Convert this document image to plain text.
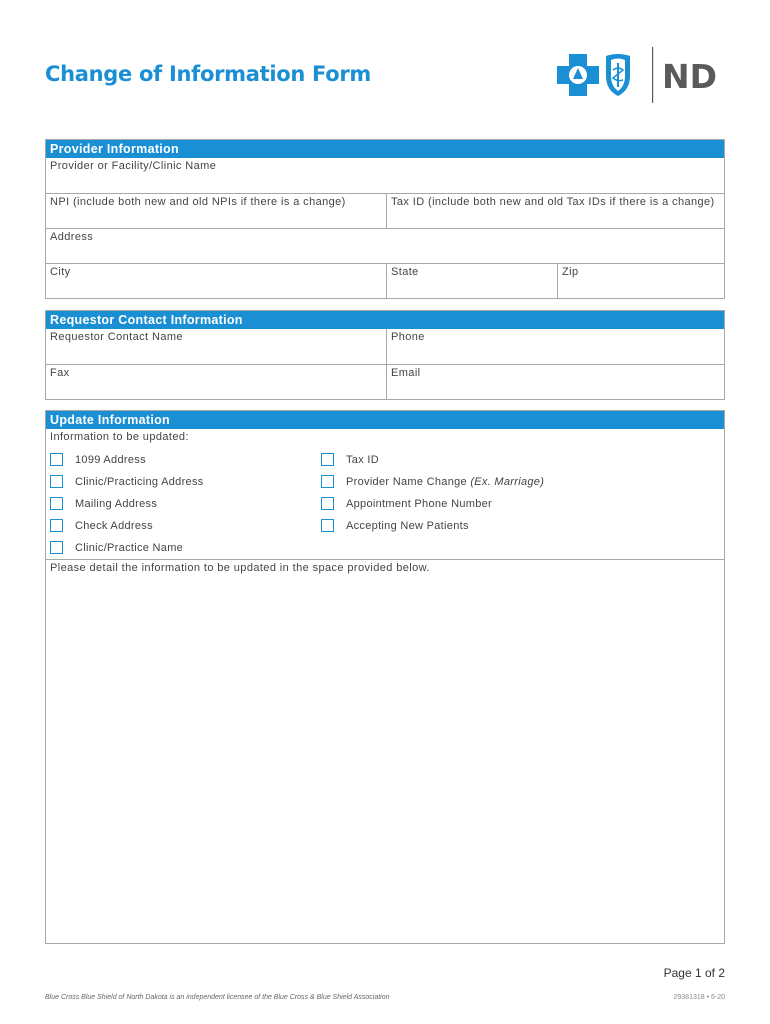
Change of Information Form	ND
Provider Information
Provider or Facility/Clinic Name
NPI (include both new and old NPIs if there is a change)	Tax ID (include both new and old Tax IDs if there is a change)
Address
City	State	Zip
Requestor Contact Information
Requestor Contact Name	Phone
Fax	Email
Update Information
Information to be updated:
1099 Address
Clinic/Practicing Address
Mailing Address
Check Address
Clinic/Practice Name
Tax ID
Provider Name Change
(Ex. Marriage)
Appointment Phone Number
Accepting New Patients
Please detail the information to be updated in the space provided below.
Page 1 of 2
Blue Cross Blue Shield of North Dakota is an independent licensee of the Blue Cross & Blue Shield Association	29381318 • 6-20
